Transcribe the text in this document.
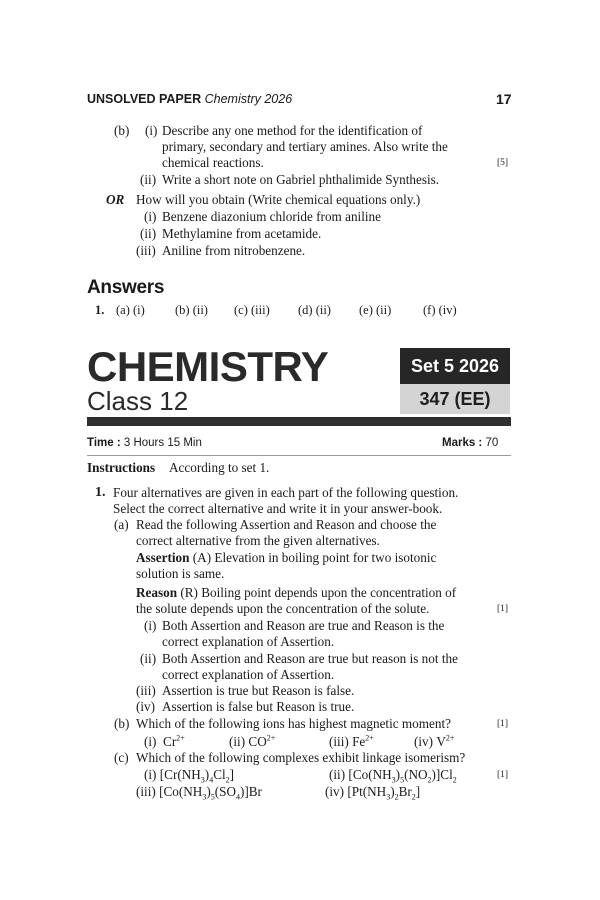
UNSOLVED PAPER Chemistry 2026	17
(b) (i) Describe any one method for the identification of
primary, secondary and tertiary amines. Also write the
chemical reactions.	[5]
(ii) Write a short note on Gabriel phthalimide Synthesis.
OR How will you obtain (Write chemical equations only.)
(i) Benzene diazonium chloride from aniline
(ii) Methylamine from acetamide.
(iii) Aniline from nitrobenzene.
Answers
1. (a) (i) (b) (ii) (c) (iii) (d) (ii) (e) (ii)	(f) (iv)
CHEMISTRY
Class 12
Set 5 2026
347 (EE)
Time : 3 Hours 15 Min	Marks : 70
Instructions According to set 1.
1. Four alternatives are given in each part of the following question.
Select the correct alternative and write it in your answer-book.
(a) Read the following Assertion and Reason and choose the
correct alternative from the given alternatives.
Assertion (A) Elevation in boiling point for two isotonic
solution is same.
Reason (R) Boiling point depends upon the concentration of
the solute depends upon the concentration of the solute.	[1]
(i) Both Assertion and Reason are true and Reason is the
correct explanation of Assertion.
(ii) Both Assertion and Reason are true but reason is not the
correct explanation of Assertion.
(iii) Assertion is true but Reason is false.
(iv) Assertion is false but Reason is true.
(b) Which of the following ions has highest magnetic moment?	[1]
(i) $Cr^{2+}$	(ii) $CO^{2+}$	(iii) $Fe^{2+}$	(iv) $V^{2+}$
(c) Which of the following complexes exhibit linkage isomerism?
(i) $[Cr(NH_3)_4Cl_2]$	(ii) $[Co(NH_3)_5(NO_2)]Cl_2$
[1]
(iii) $[Co(NH_3)_5(SO_4)]Br$	(iv) $[Pt(NH_3)_2Br_2]$
